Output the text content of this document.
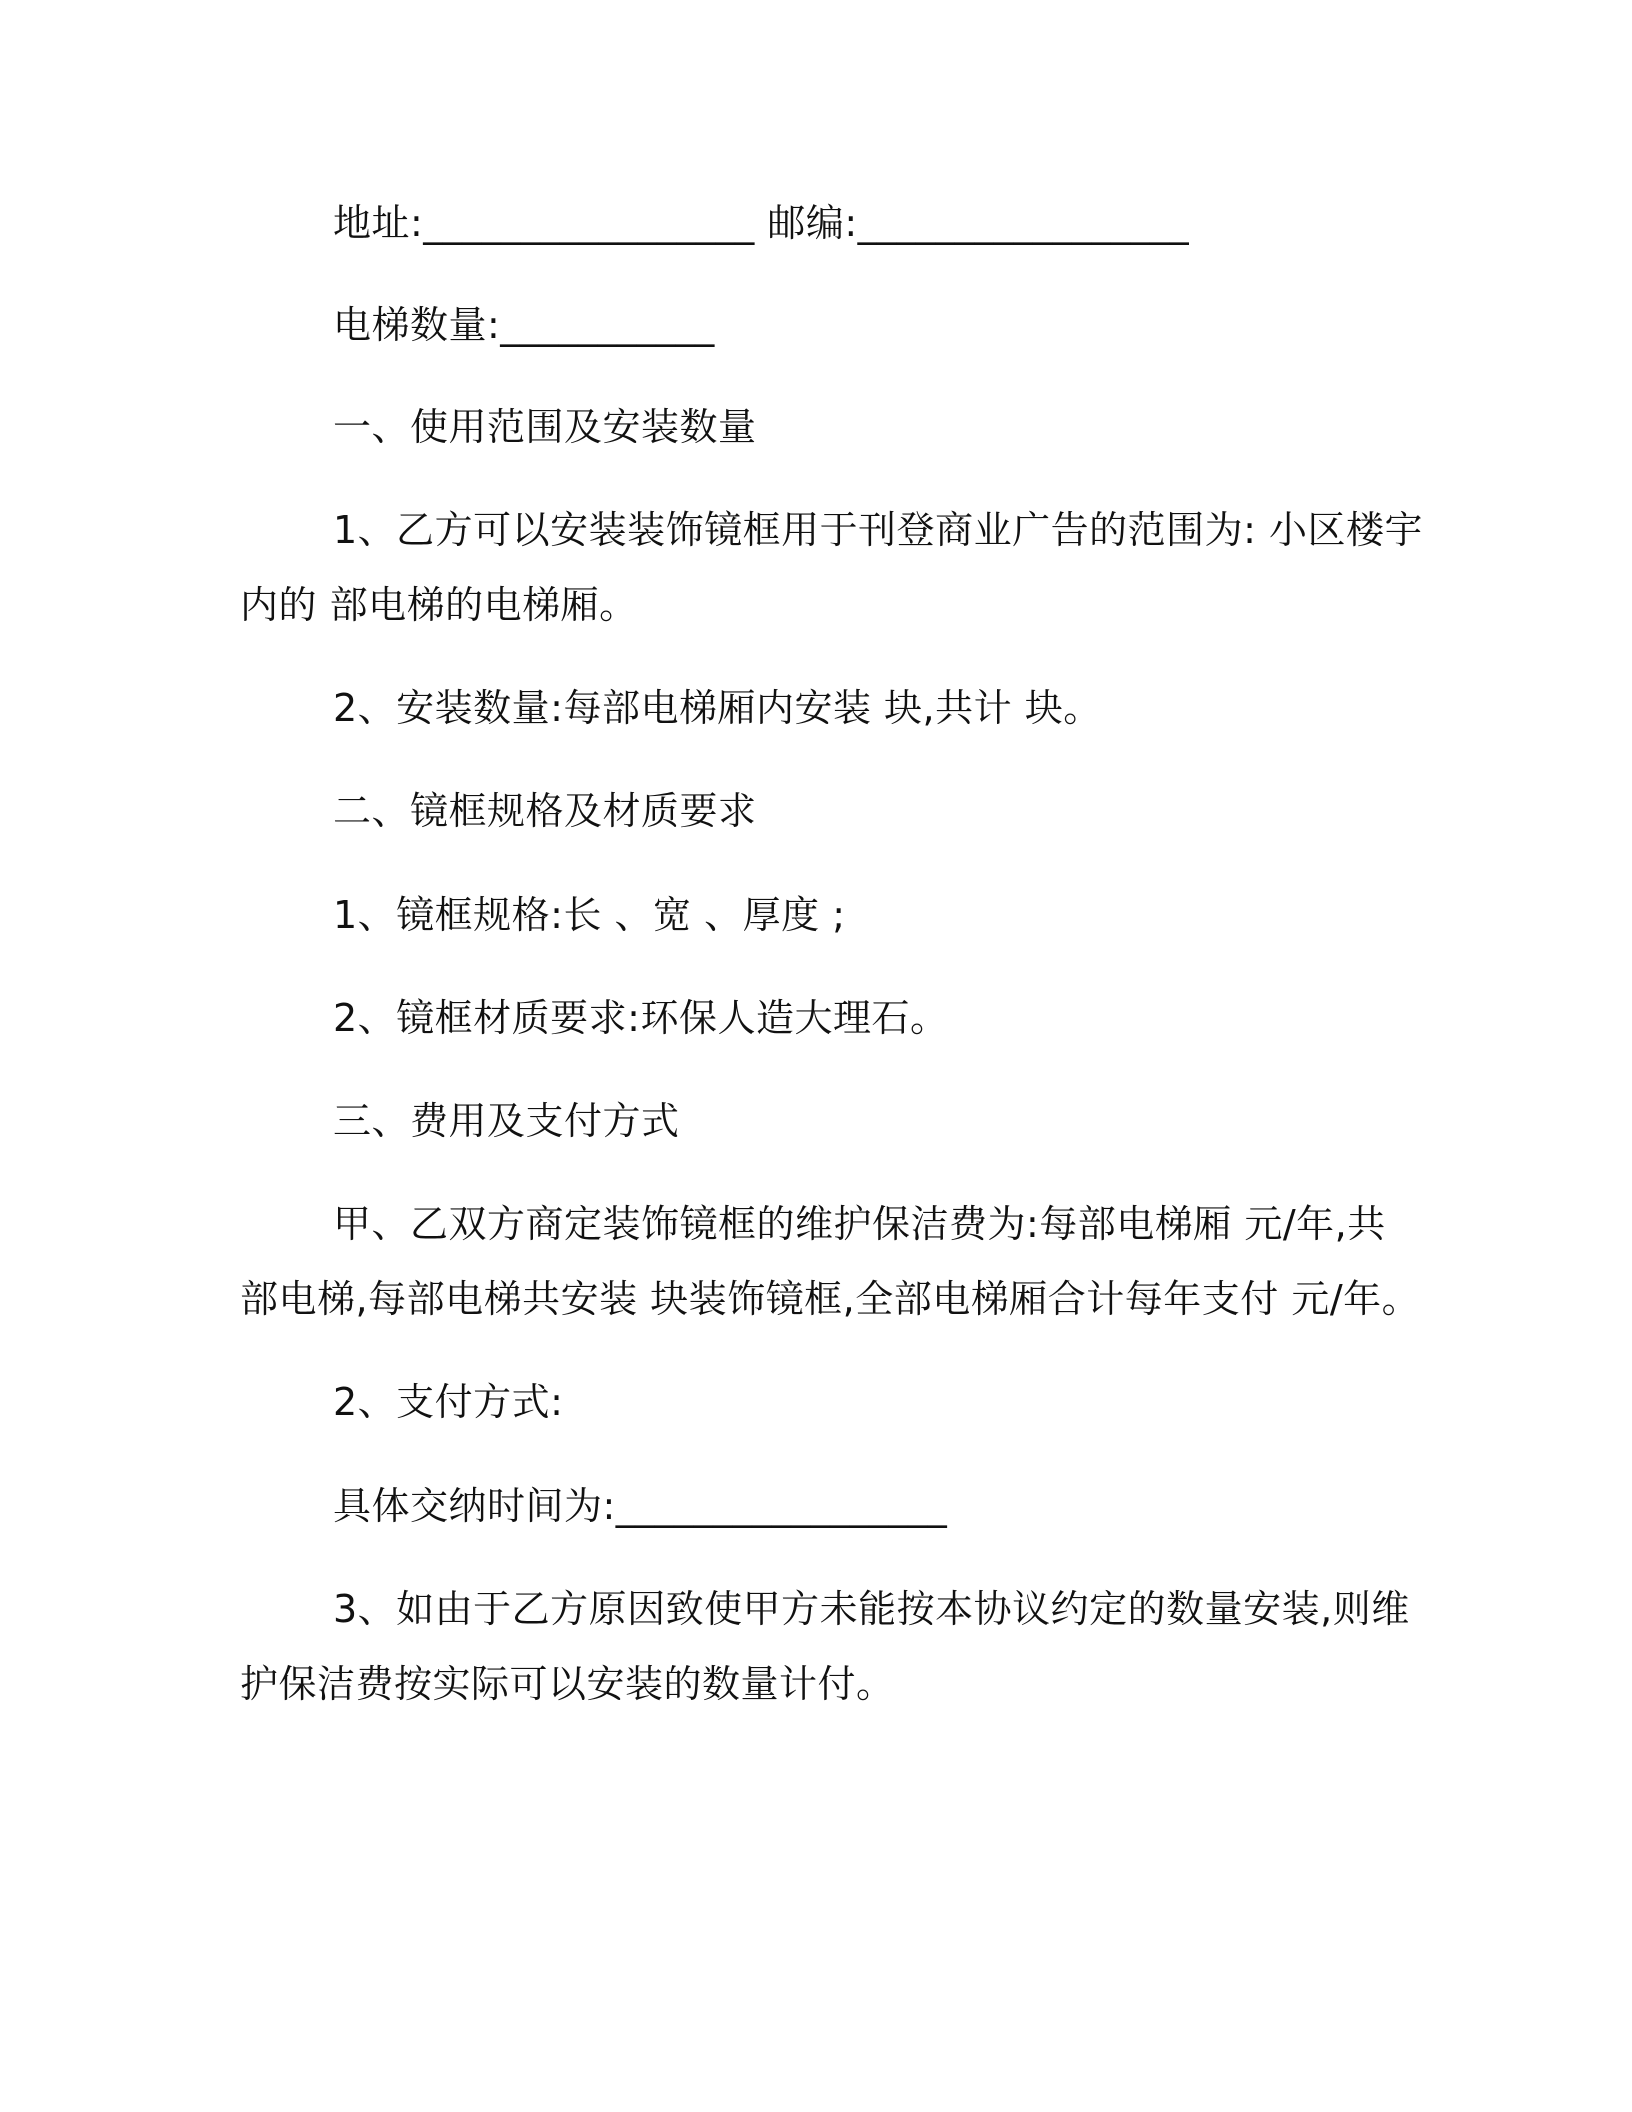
地址:_________________ 邮编:_________________
电梯数量:___________
一、使用范围及安装数量
1、乙方可以安装装饰镜框用于刊登商业广告的范围为: 小区楼宇
内的 部电梯的电梯厢。
2、安装数量:每部电梯厢内安装 块,共计 块。
二、镜框规格及材质要求
1、镜框规格:长 、宽 、厚度 ;
2、镜框材质要求:环保人造大理石。
三、费用及支付方式
甲、乙双方商定装饰镜框的维护保洁费为:每部电梯厢 元/年,共
部电梯,每部电梯共安装 块装饰镜框,全部电梯厢合计每年支付 元/年。
2、支付方式:
具体交纳时间为:_________________
3、如由于乙方原因致使甲方未能按本协议约定的数量安装,则维
护保洁费按实际可以安装的数量计付。
